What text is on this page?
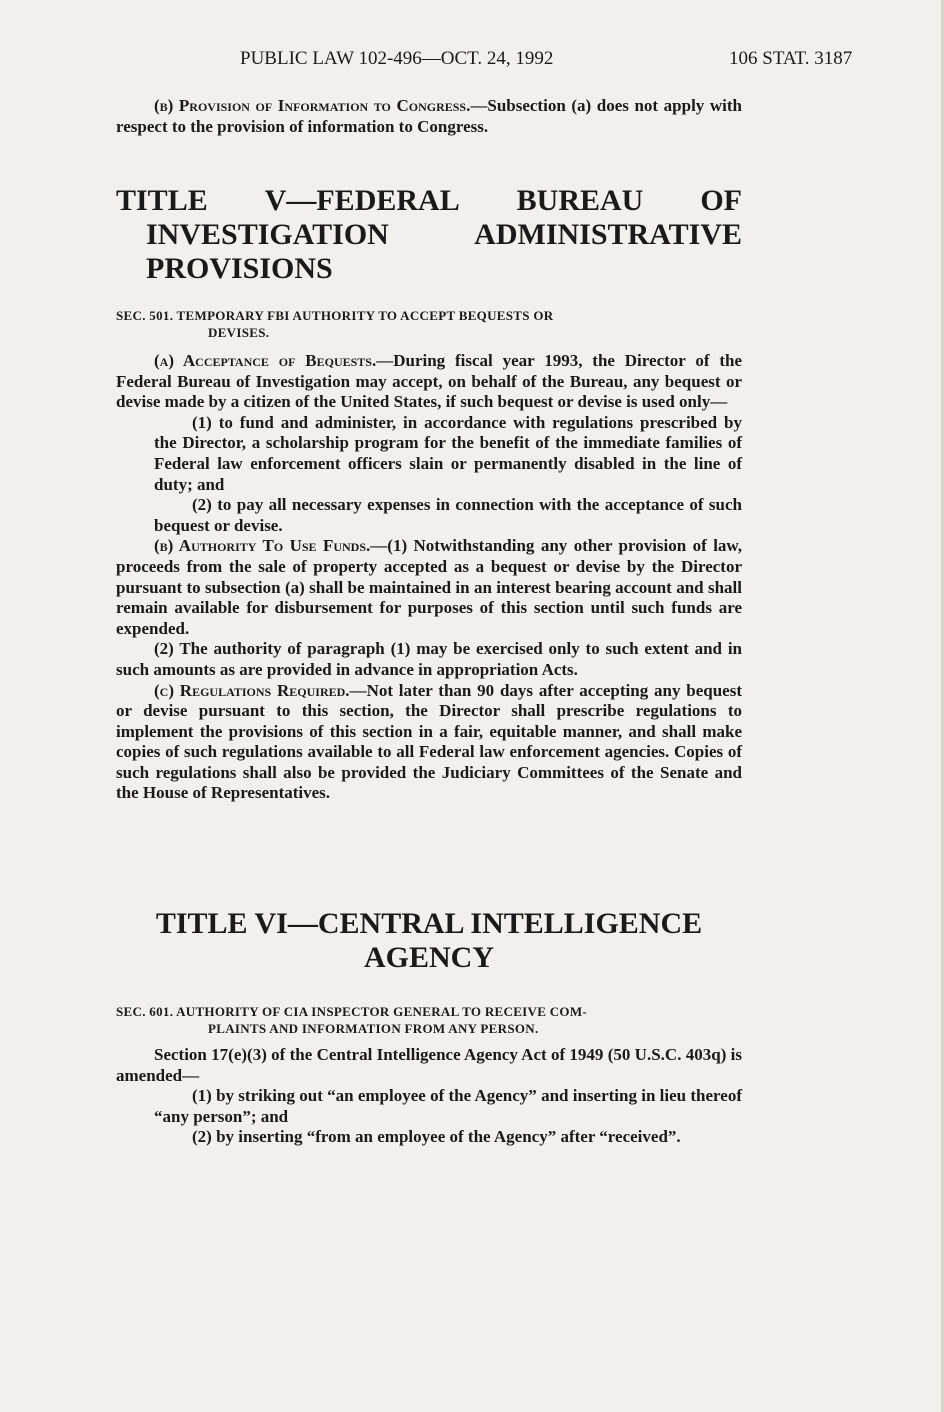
PUBLIC LAW 102-496—OCT. 24, 1992	106 STAT. 3187

(b) Provision of Information to Congress.—Subsection (a) does not apply with respect to the provision of information to Congress.

TITLE V—FEDERAL BUREAU OF
INVESTIGATION	ADMINISTRATIVE
PROVISIONS

SEC. 501. TEMPORARY FBI AUTHORITY TO ACCEPT BEQUESTS OR
DEVISES.

(a) Acceptance of Bequests.—During fiscal year 1993, the Director of the Federal Bureau of Investigation may accept, on behalf of the Bureau, any bequest or devise made by a citizen of the United States, if such bequest or devise is used only—

(1) to fund and administer, in accordance with regulations prescribed by the Director, a scholarship program for the benefit of the immediate families of Federal law enforcement officers slain or permanently disabled in the line of duty; and

(2) to pay all necessary expenses in connection with the acceptance of such bequest or devise.

(b) Authority To Use Funds.—(1) Notwithstanding any other provision of law, proceeds from the sale of property accepted as a bequest or devise by the Director pursuant to subsection (a) shall be maintained in an interest bearing account and shall remain available for disbursement for purposes of this section until such funds are expended.

(2) The authority of paragraph (1) may be exercised only to such extent and in such amounts as are provided in advance in appropriation Acts.

(c) Regulations Required.—Not later than 90 days after accepting any bequest or devise pursuant to this section, the Director shall prescribe regulations to implement the provisions of this section in a fair, equitable manner, and shall make copies of such regulations available to all Federal law enforcement agencies. Copies of such regulations shall also be provided the Judiciary Committees of the Senate and the House of Representatives.

TITLE VI—CENTRAL INTELLIGENCE
AGENCY

SEC. 601. AUTHORITY OF CIA INSPECTOR GENERAL TO RECEIVE COM-
PLAINTS AND INFORMATION FROM ANY PERSON.

Section 17(e)(3) of the Central Intelligence Agency Act of 1949 (50 U.S.C. 403q) is amended—

(1) by striking out “an employee of the Agency” and inserting in lieu thereof “any person”; and

(2) by inserting “from an employee of the Agency” after “received”.
